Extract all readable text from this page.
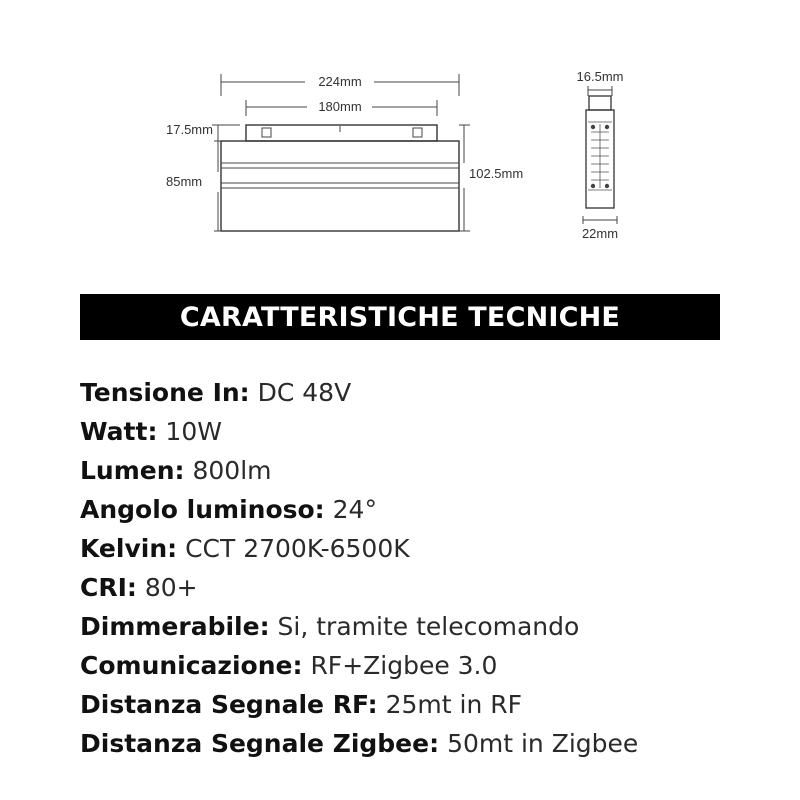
224mm
180mm
17.5mm
85mm
102.5mm
16.5mm
22mm
CARATTERISTICHE TECNICHE
Tensione In: DC 48V
Watt: 10W
Lumen: 800lm
Angolo luminoso: 24°
Kelvin: CCT 2700K-6500K
CRI: 80+
Dimmerabile: Si, tramite telecomando
Comunicazione: RF+Zigbee 3.0
Distanza Segnale RF: 25mt in RF
Distanza Segnale Zigbee: 50mt in Zigbee
